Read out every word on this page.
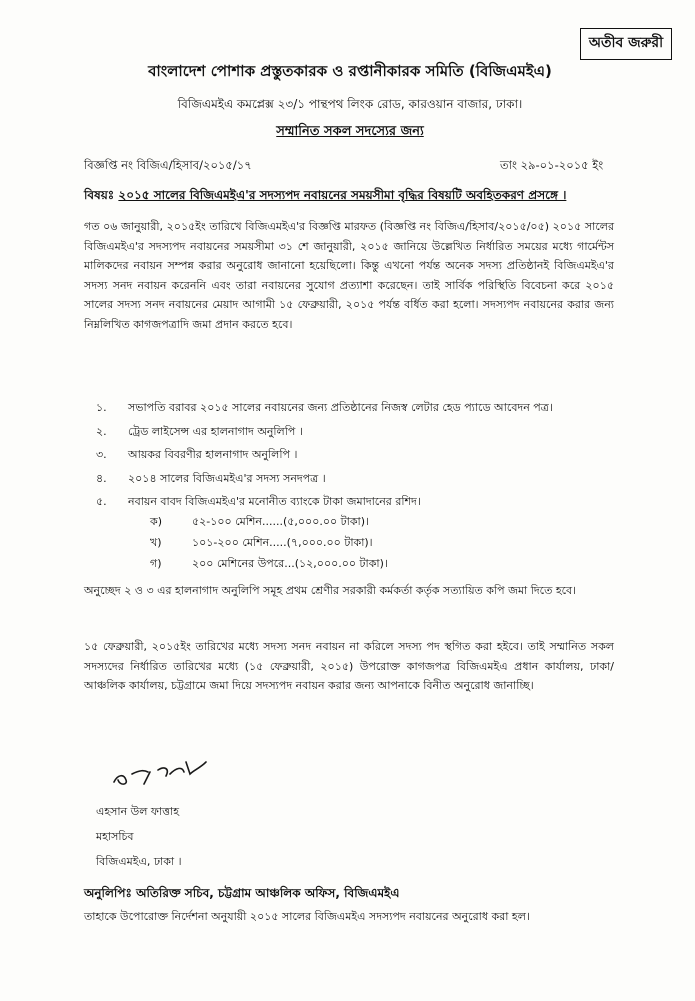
অতীব জরুরী
বাংলাদেশ পোশাক প্রস্তুতকারক ও রপ্তানীকারক সমিতি (বিজিএমইএ)
বিজিএমইএ কমপ্লেক্স ২৩/১ পান্থপথ লিংক রোড, কারওয়ান বাজার, ঢাকা।
সম্মানিত সকল সদস্যের জন্য
বিজ্ঞপ্তি নং বিজিএ/হিসাব/২০১৫/১৭	তাং ২৯-০১-২০১৫ ইং
বিষয়ঃ ২০১৫ সালের বিজিএমইএ'র সদস্যপদ নবায়নের সময়সীমা বৃদ্ধির বিষয়টি অবহিতকরণ প্রসঙ্গে ।
গত ০৬ জানুয়ারী, ২০১৫ইং তারিখে বিজিএমইএ'র বিজ্ঞপ্তি মারফত (বিজ্ঞপ্তি নং বিজিএ/হিসাব/২০১৫/০৫) ২০১৫ সালের বিজিএমইএ'র সদস্যপদ নবায়নের সময়সীমা ৩১ শে জানুয়ারী, ২০১৫ জানিয়ে উল্লেখিত নির্ধারিত সময়ের মধ্যে গার্মেন্টস মালিকদের নবায়ন সম্পন্ন করার অনুরোধ জানানো হয়েছিলো। কিন্তু এখনো পর্যন্ত অনেক সদস্য প্রতিষ্ঠানই বিজিএমইএ'র সদস্য সনদ নবায়ন করেননি এবং তারা নবায়নের সুযোগ প্রত্যাশা করেছেন। তাই সার্বিক পরিস্থিতি বিবেচনা করে ২০১৫ সালের সদস্য সনদ নবায়নের মেয়াদ আগামী ১৫ ফেব্রুয়ারী, ২০১৫ পর্যন্ত বর্ধিত করা হলো। সদস্যপদ নবায়নের করার জন্য নিম্নলিখিত কাগজপত্রাদি জমা প্রদান করতে হবে।
১. সভাপতি বরাবর ২০১৫ সালের নবায়নের জন্য প্রতিষ্ঠানের নিজস্ব লেটার হেড প্যাডে আবেদন পত্র।
২. ট্রেড লাইসেন্স এর হালনাগাদ অনুলিপি ।
৩. আয়কর বিবরণীর হালনাগাদ অনুলিপি ।
৪. ২০১৪ সালের বিজিএমইএ'র সদস্য সনদপত্র ।
৫. নবায়ন বাবদ বিজিএমইএ'র মনোনীত ব্যাংকে টাকা জমাদানের রশিদ।
ক)	৫২-১০০ মেশিন......(৫,০০০.০০ টাকা)।
খ)	১০১-২০০ মেশিন.....(৭,০০০.০০ টাকা)।
গ)	২০০ মেশিনের উপরে...(১২,০০০.০০ টাকা)।
অনুচ্ছেদ ২ ও ৩ এর হালনাগাদ অনুলিপি সমূহ প্রথম শ্রেণীর সরকারী কর্মকর্তা কর্তৃক সত্যায়িত কপি জমা দিতে হবে।
১৫ ফেব্রুয়ারী, ২০১৫ইং তারিখের মধ্যে সদস্য সনদ নবায়ন না করিলে সদস্য পদ স্থগিত করা হইবে। তাই সম্মানিত সকল সদস্যদের নির্ধারিত তারিখের মধ্যে (১৫ ফেব্রুয়ারী, ২০১৫) উপরোক্ত কাগজপত্র বিজিএমইএ প্রধান কার্যালয়, ঢাকা/ আঞ্চলিক কার্যালয়, চট্টগ্রামে জমা দিয়ে সদস্যপদ নবায়ন করার জন্য আপনাকে বিনীত অনুরোধ জানাচ্ছি।
এহসান উল ফাত্তাহ
মহাসচিব
বিজিএমইএ, ঢাকা ।
অনুলিপিঃ অতিরিক্ত সচিব, চট্টগ্রাম আঞ্চলিক অফিস, বিজিএমইএ
তাহাকে উপোরোক্ত নির্দেশনা অনুযায়ী ২০১৫ সালের বিজিএমইএ সদস্যপদ নবায়নের অনুরোধ করা হল।
